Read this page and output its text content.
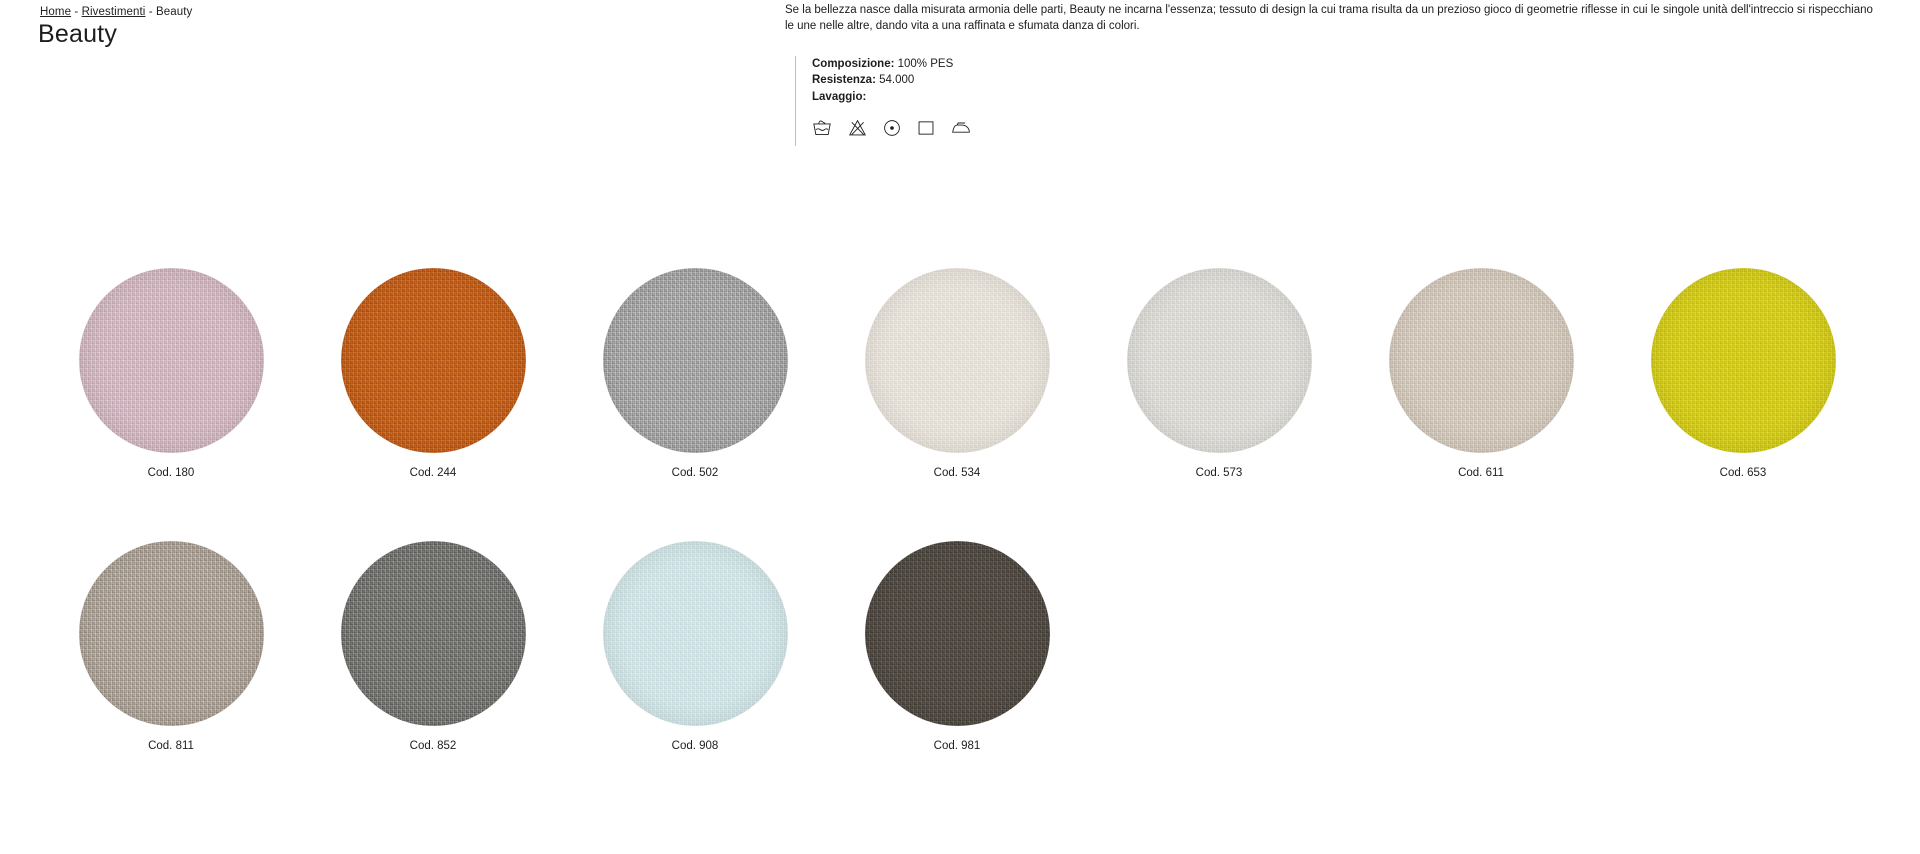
Home - Rivestimenti - Beauty
Beauty
Se la bellezza nasce dalla misurata armonia delle parti, Beauty ne incarna l'essenza; tessuto di design la cui trama risulta da un prezioso gioco di geometrie riflesse in cui le singole unità dell'intreccio si rispecchiano le une nelle altre, dando vita a una raffinata e sfumata danza di colori.
Composizione: 100% PES
Resistenza: 54.000
Lavaggio:
Cod. 180	Cod. 244	Cod. 502	Cod. 534	Cod. 573	Cod. 611	Cod. 653
Cod. 811	Cod. 852	Cod. 908	Cod. 981
